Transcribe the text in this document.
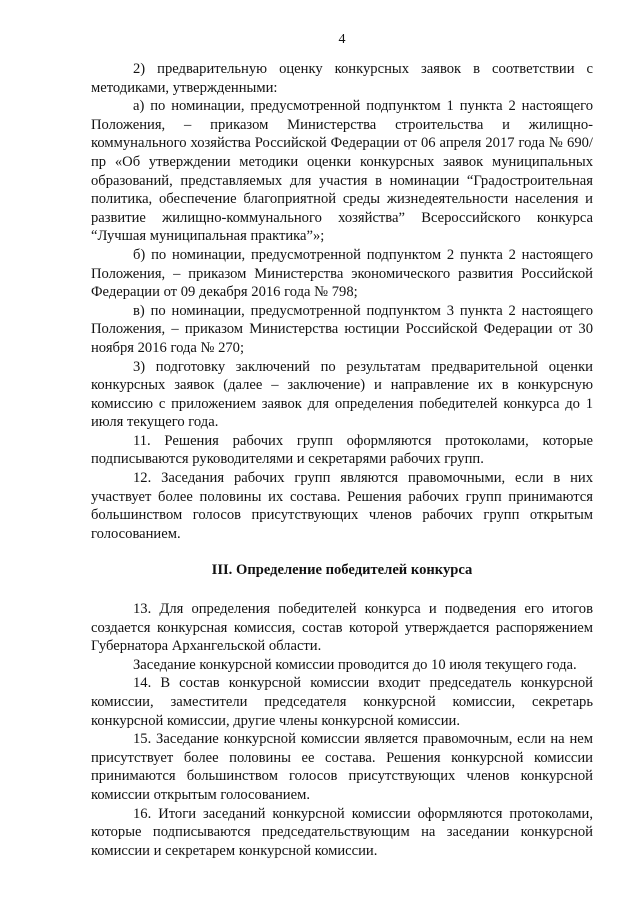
4

2) предварительную оценку конкурсных заявок в соответствии с методиками, утвержденными:

а) по номинации, предусмотренной подпунктом 1 пункта 2 настоящего Положения, – приказом Министерства строительства и жилищно-коммунального хозяйства Российской Федерации от 06 апреля 2017 года № 690/пр «Об утверждении методики оценки конкурсных заявок муниципальных образований, представляемых для участия в номинации “Градостроительная политика, обеспечение благоприятной среды жизнедеятельности населения и развитие жилищно-коммунального хозяйства” Всероссийского конкурса “Лучшая муниципальная практика”»;

б) по номинации, предусмотренной подпунктом 2 пункта 2 настоящего Положения, – приказом Министерства экономического развития Российской Федерации от 09 декабря 2016 года № 798;

в) по номинации, предусмотренной подпунктом 3 пункта 2 настоящего Положения, – приказом Министерства юстиции Российской Федерации от 30 ноября 2016 года № 270;

3) подготовку заключений по результатам предварительной оценки конкурсных заявок (далее – заключение) и направление их в конкурсную комиссию с приложением заявок для определения победителей конкурса до 1 июля текущего года.

11. Решения рабочих групп оформляются протоколами, которые подписываются руководителями и секретарями рабочих групп.

12. Заседания рабочих групп являются правомочными, если в них участвует более половины их состава. Решения рабочих групп принимаются большинством голосов присутствующих членов рабочих групп открытым голосованием.

III. Определение победителей конкурса

13. Для определения победителей конкурса и подведения его итогов создается конкурсная комиссия, состав которой утверждается распоряжением Губернатора Архангельской области.

Заседание конкурсной комиссии проводится до 10 июля текущего года.

14. В состав конкурсной комиссии входит председатель конкурсной комиссии, заместители председателя конкурсной комиссии, секретарь конкурсной комиссии, другие члены конкурсной комиссии.

15. Заседание конкурсной комиссии является правомочным, если на нем присутствует более половины ее состава. Решения конкурсной комиссии принимаются большинством голосов присутствующих членов конкурсной комиссии открытым голосованием.

16. Итоги заседаний конкурсной комиссии оформляются протоколами, которые подписываются председательствующим на заседании конкурсной комиссии и секретарем конкурсной комиссии.
